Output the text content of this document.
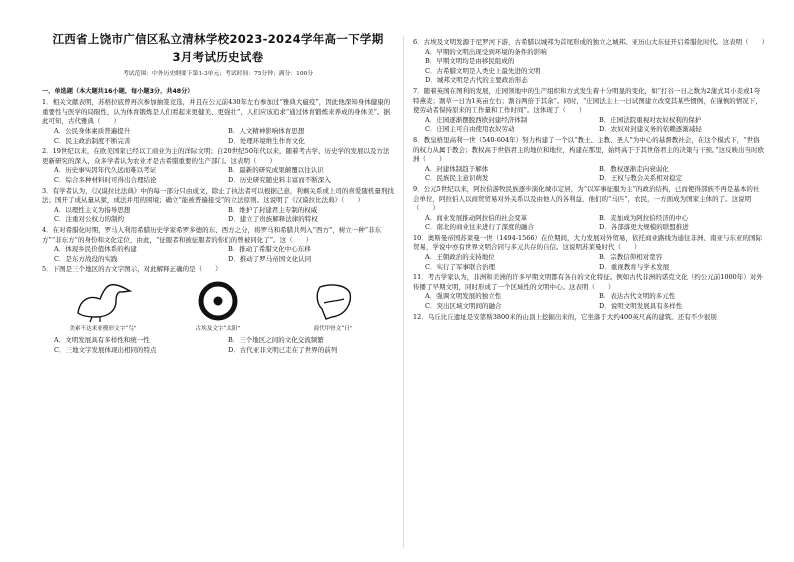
江西省上饶市广信区私立清林学校2023-2024学年高一下学期
3月考试历史试卷
考试范围：中外历史纲要下第1-3单元；考试时间：75分钟；满分：100分
一、单选题（本大题共16小题，每小题3分，共48分）

1．相关文献表明，苏格拉底曾再次参加抽签竞选，并且在公元前430年左右参加过“雅典大瘟疫”，因此他深知身体健康的重要性与医学的局限性，认为体育锻炼是人们看起来更健美、更强壮”，人们应该追求“通过体育锻炼来养成的身体美”。据此可知，古代雅典（　　）

A．公民身体素质普遍提升	B．人文精神影响体育思想
C．民主政治制度不断完善	D．处理环境维生作育文化

2．19世纪以来，在欧美国家已经以工商业为主的洋际文明；自20世纪50年代以来，随着考古学、历史学的发展以及方法更新研究的深入，众多学者认为农业才是古希腊重要的生产部门。这表明（　　）

A．历史事实因年代久远而难以考证	B．最新的研究成果颠覆以往认识
C．综合多种材料时可得出合理结论	D．历史研究随史料丰富而不断深入

3．有学者认为，《汉谟拉比法典》中的每一部分只由成文，除止了执法者可以根据己意，利剩关系或上司的喜爱随机量刑找法；国开了成从量从狱，成法并用的困境；确立“能被普遍接受”的立法原则。这说明了《汉谟拉比法典》（　　）

A．以理性主义为指导思想	B．维护了封建君主专制的权威
C．注重对公权力的制约	D．建立了贵族解释法律的特权

4．在对希腊化时期，罗马人利用希腊历史学家希罗多德的东、西方之分，将罗马和希腊共列入“西方”，树立一种“非东方”“非东方”的身份和文化定位，由此，“征服者和被征服者的你们的曾被同化了”。这（　　）

A．体现乡民价值体系的构建	B．推动了希腊文化中心东移
C．是东方战役的实践	D．推动了罗马帝国文化认同

5．下图是三个地区的古文字图示，对此解释正确的是（　　）

美索不达米亚楔形文字“鸟”	古埃及文字“太阳”	商代甲骨文“日”
A．文明发展具有多样性和统一性	B．三个地区之间的文化交流频繁
C．三地文字发展体现出相同的特点	D．古代亚非文明已走在了世界的前列

6．古埃及文明发源于尼罗河下游，古希腊以城邦为首尾形成的独立之城邦。亚历山大东征开启希腊化时代。这表明（　　）

A．早期的文明出现受到环境的条件的影响
B．早期文明均是由移民组成的
C．古希腊文明是人类史上最先进的文明
D．城邦文明是古代的主要政治形态

7．随着英国在图利的发展，庄园领地中的生产组织和方式发生着十分明显的变化，如“打谷一日之数为2蒲式耳小麦或1夸特燕麦；割草一日为1英亩左右；割谷两倍于其余”。同时，“庄园法主上一日试图建立改变其某些惯例，在谨慎的情况下，使劳动者保持原来的工作量和工作时间”。这体现了（　　）

A．庄园逐渐摆脱西欧封建经济体制	B．庄园法院重视对农奴权利的保护
C．庄园主可自由使用农奴劳动	D．农奴对封建义务的依赖逐渐减轻

8．教皇格里高利一世（540-604年）努力构建了一个以“教士、主教、圣人”为中心的基督教社会，在这个模式下，“世俗的权力从属于教会；教权高于世俗君主的地位和地位，构建在那里，始终高于于其世俗君主的决策与干预。”这反映出当时欧洲（　　）

A．封建体制趋于解体	B．教权逐渐走向衰弱化
C．民族民主意识萌发	D．王权与教会关系相对稳定

9．公元5世纪以来，阿拉伯游牧民族逐步演化城市定居，为“以军事征服为主”的政治结构，已而使得部族不再是基本的社会单位，阿拉伯人以商贸贸易对外关系以及由他人的各利益，他们的“马匹”，农民，一方面成为国家主体的了。这说明（　　）

A．商业发展推动阿拉伯的社会变革	B．麦加成为阿拉伯经济的中心
C．南北的商业往来进行了深度的融合	D．各部落更大规模的联盟推进

10．奥斯曼帝国苏莱曼一世（1494-1566）在位期间，大力发展对外贸易，依托商业路线为通往非洲、南亚与东亚的国际贸易，学说中亦有世界文明合同与多元共存的自信。这说明苏莱曼时代（　　）

A．王朝政治的支持地位	B．宗教信仰相对宽容
C．实行了军事联合治理	D．重视教育与学术发展

11．考古学家认为，非洲和美洲的许多早期文明都有各自的文化特征。例如古代非洲的诺克文化（约公元前1000年）对外传播了早期文明，同时形成了一个区域性的文明中心。这表明（　　）

A．强调文明发展的独立性	B．表达古代文明的多元性
C．突出区域文明间的融合	D．说明文明发展具有多样性

12．乌丘比丘遗址是安第斯3800米的山顶上挖掘出来的，它坐落于大约400英尺高的建筑。还有不少很别
